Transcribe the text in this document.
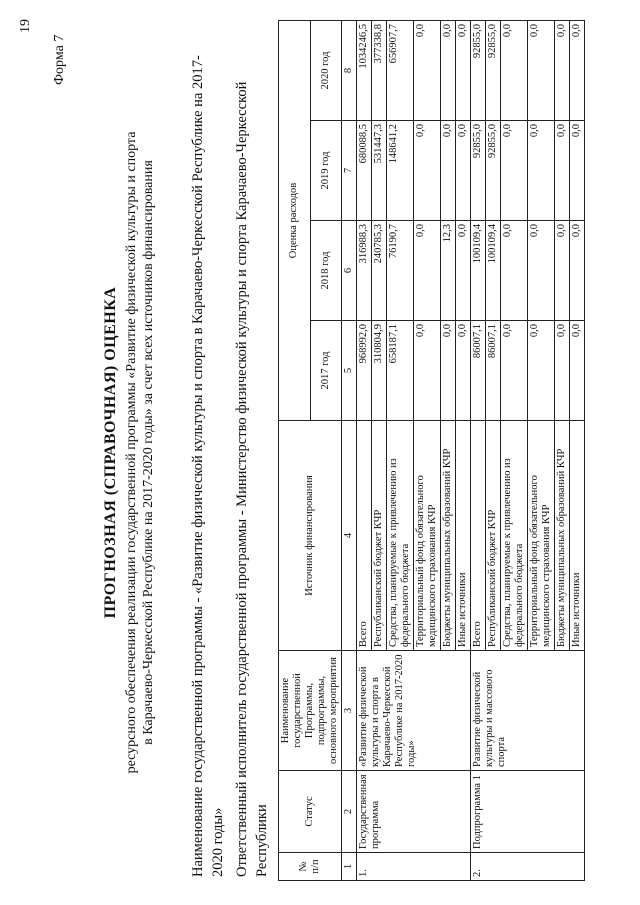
19
Форма 7
ПРОГНОЗНАЯ (СПРАВОЧНАЯ) ОЦЕНКА ресурсного обеспечения реализации государственной программы «Развитие физической культуры и спорта в Карачаево-Черкесской Республике на 2017-2020 годы» за счет всех источников финансирования Наименование государственной программы - «Развитие физической культуры и спорта в Карачаево-Черкесской Республике на 2017-2020 годы» Ответственный исполнитель государственной программы - Министерство физической культуры и спорта Карачаево-Черкесской Республики	№ п/п	Статус	Наименование государственной Программы, подпрограммы, основного мероприятия	Источник финансирования	Оценка расходов			
				2017 год	2018 год	2019 год	2020 год
1	2	3	4	5	6	7	8
1.	Государственная программа	«Развитие физической культуры и спорта в Карачаево-Черкесской Республике на 2017-2020 годы»	Всего	968992,0	316988,3	680088,5	1034246,5
			Республиканский бюджет КЧР	310804,9	240785,3	531447,3	377338,8
			Средства, планируемые к привлечению из федерального бюджета	658187,1	76190,7	148641,2	656907,7
			Территориальный фонд обязательного медицинского страхования КЧР	0,0	0,0	0,0	0,0
			Бюджеты муниципальных образований КЧР	0,0	12,3	0,0	0,0
			Иные источники	0,0	0,0	0,0	0,0
2.	Подпрограмма 1	Развитие физической культуры и массового спорта	Всего	86007,1	100109,4	92855,0	92855,0
			Республиканский бюджет КЧР	86007,1	100109,4	92855,0	92855,0
			Средства, планируемые к привлечению из федерального бюджета	0,0	0,0	0,0	0,0
			Территориальный фонд обязательного медицинского страхования КЧР	0,0	0,0	0,0	0,0
			Бюджеты муниципальных образований КЧР	0,0	0,0	0,0	0,0
			Иные источники	0,0	0,0	0,0	0,0
